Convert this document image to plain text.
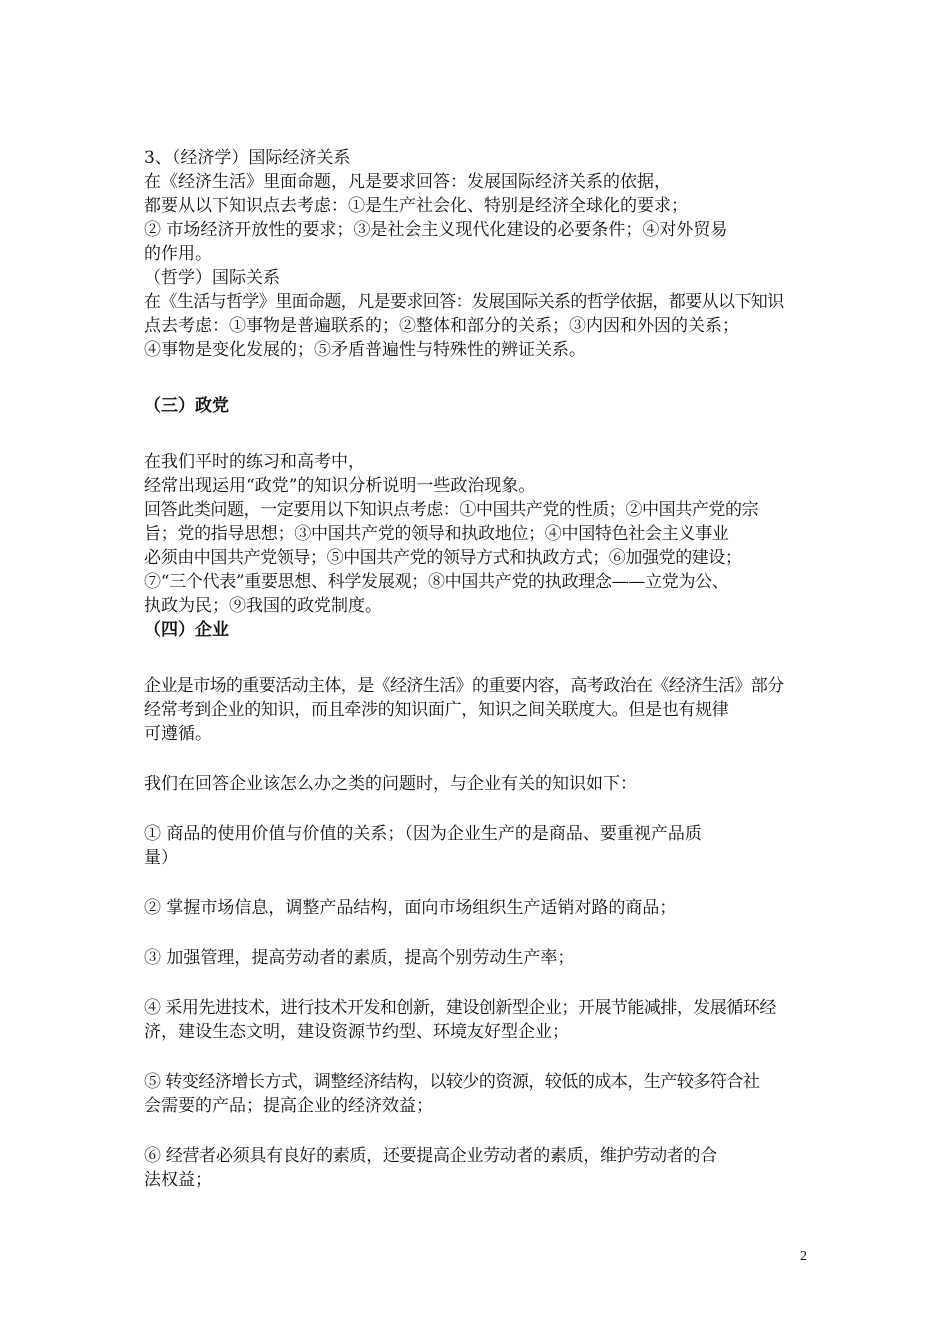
3、（经济学）国际经济关系
在《经济生活》里面命题，凡是要求回答：发展国际经济关系的依据，
都要从以下知识点去考虑：①是生产社会化、特别是经济全球化的要求；
② 市场经济开放性的要求；③是社会主义现代化建设的必要条件；④对外贸易
的作用。
（哲学）国际关系
在《生活与哲学》里面命题，凡是要求回答：发展国际关系的哲学依据，都要从以下知识
点去考虑：①事物是普遍联系的；②整体和部分的关系；③内因和外因的关系；
④事物是变化发展的；⑤矛盾普遍性与特殊性的辨证关系。
（三）政党
在我们平时的练习和高考中，
经常出现运用“政党”的知识分析说明一些政治现象。
回答此类问题，一定要用以下知识点考虑：①中国共产党的性质；②中国共产党的宗
旨；党的指导思想；③中国共产党的领导和执政地位；④中国特色社会主义事业
必须由中国共产党领导；⑤中国共产党的领导方式和执政方式；⑥加强党的建设；
⑦“三个代表”重要思想、科学发展观；⑧中国共产党的执政理念——立党为公、
执政为民；⑨我国的政党制度。
（四）企业
企业是市场的重要活动主体，是《经济生活》的重要内容，高考政治在《经济生活》部分
经常考到企业的知识，而且牵涉的知识面广，知识之间关联度大。但是也有规律
可遵循。
我们在回答企业该怎么办之类的问题时，与企业有关的知识如下：
① 商品的使用价值与价值的关系；（因为企业生产的是商品、要重视产品质
量）
② 掌握市场信息，调整产品结构，面向市场组织生产适销对路的商品；
③ 加强管理，提高劳动者的素质，提高个别劳动生产率；
④ 采用先进技术，进行技术开发和创新，建设创新型企业；开展节能减排，发展循环经
济，建设生态文明，建设资源节约型、环境友好型企业；
⑤ 转变经济增长方式，调整经济结构，以较少的资源，较低的成本，生产较多符合社
会需要的产品；提高企业的经济效益；
⑥ 经营者必须具有良好的素质，还要提高企业劳动者的素质，维护劳动者的合
法权益；
2
